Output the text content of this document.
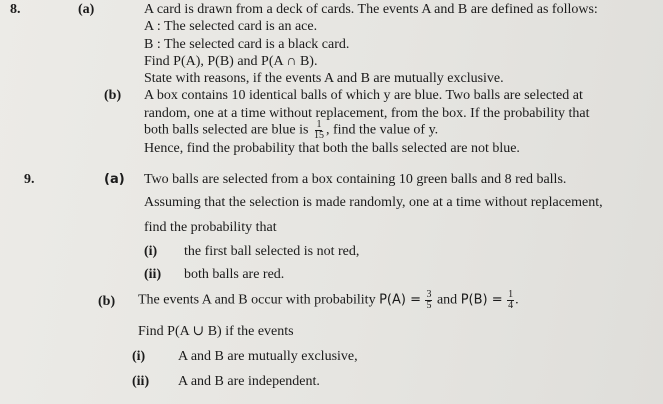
8.	(a)	A card is drawn from a deck of cards. The events A and B are defined as follows:
A : The selected card is an ace.
B : The selected card is a black card.
Find P(A), P(B) and P(A ∩ B).
State with reasons, if the events A and B are mutually exclusive.
(b) A box contains 10 identical balls of which y are blue. Two balls are selected at
random, one at a time without replacement, from the box. If the probability that
both balls selected are blue is $\frac{1}{15}$ , find the value of y.
Hence, find the probability that both the balls selected are not blue.
9.	(a) Two balls are selected from a box containing 10 green balls and 8 red balls.
Assuming that the selection is made randomly, one at a time without replacement,
find the probability that
(i) the first ball selected is not red,
(ii) both balls are red.
(b) The events A and B occur with probability $P(A) = \frac{3}{5}$ and $P(B) = \frac{1}{4}$ .
Find P(A ∪ B) if the events
(i) A and B are mutually exclusive,
(ii) A and B are independent.
